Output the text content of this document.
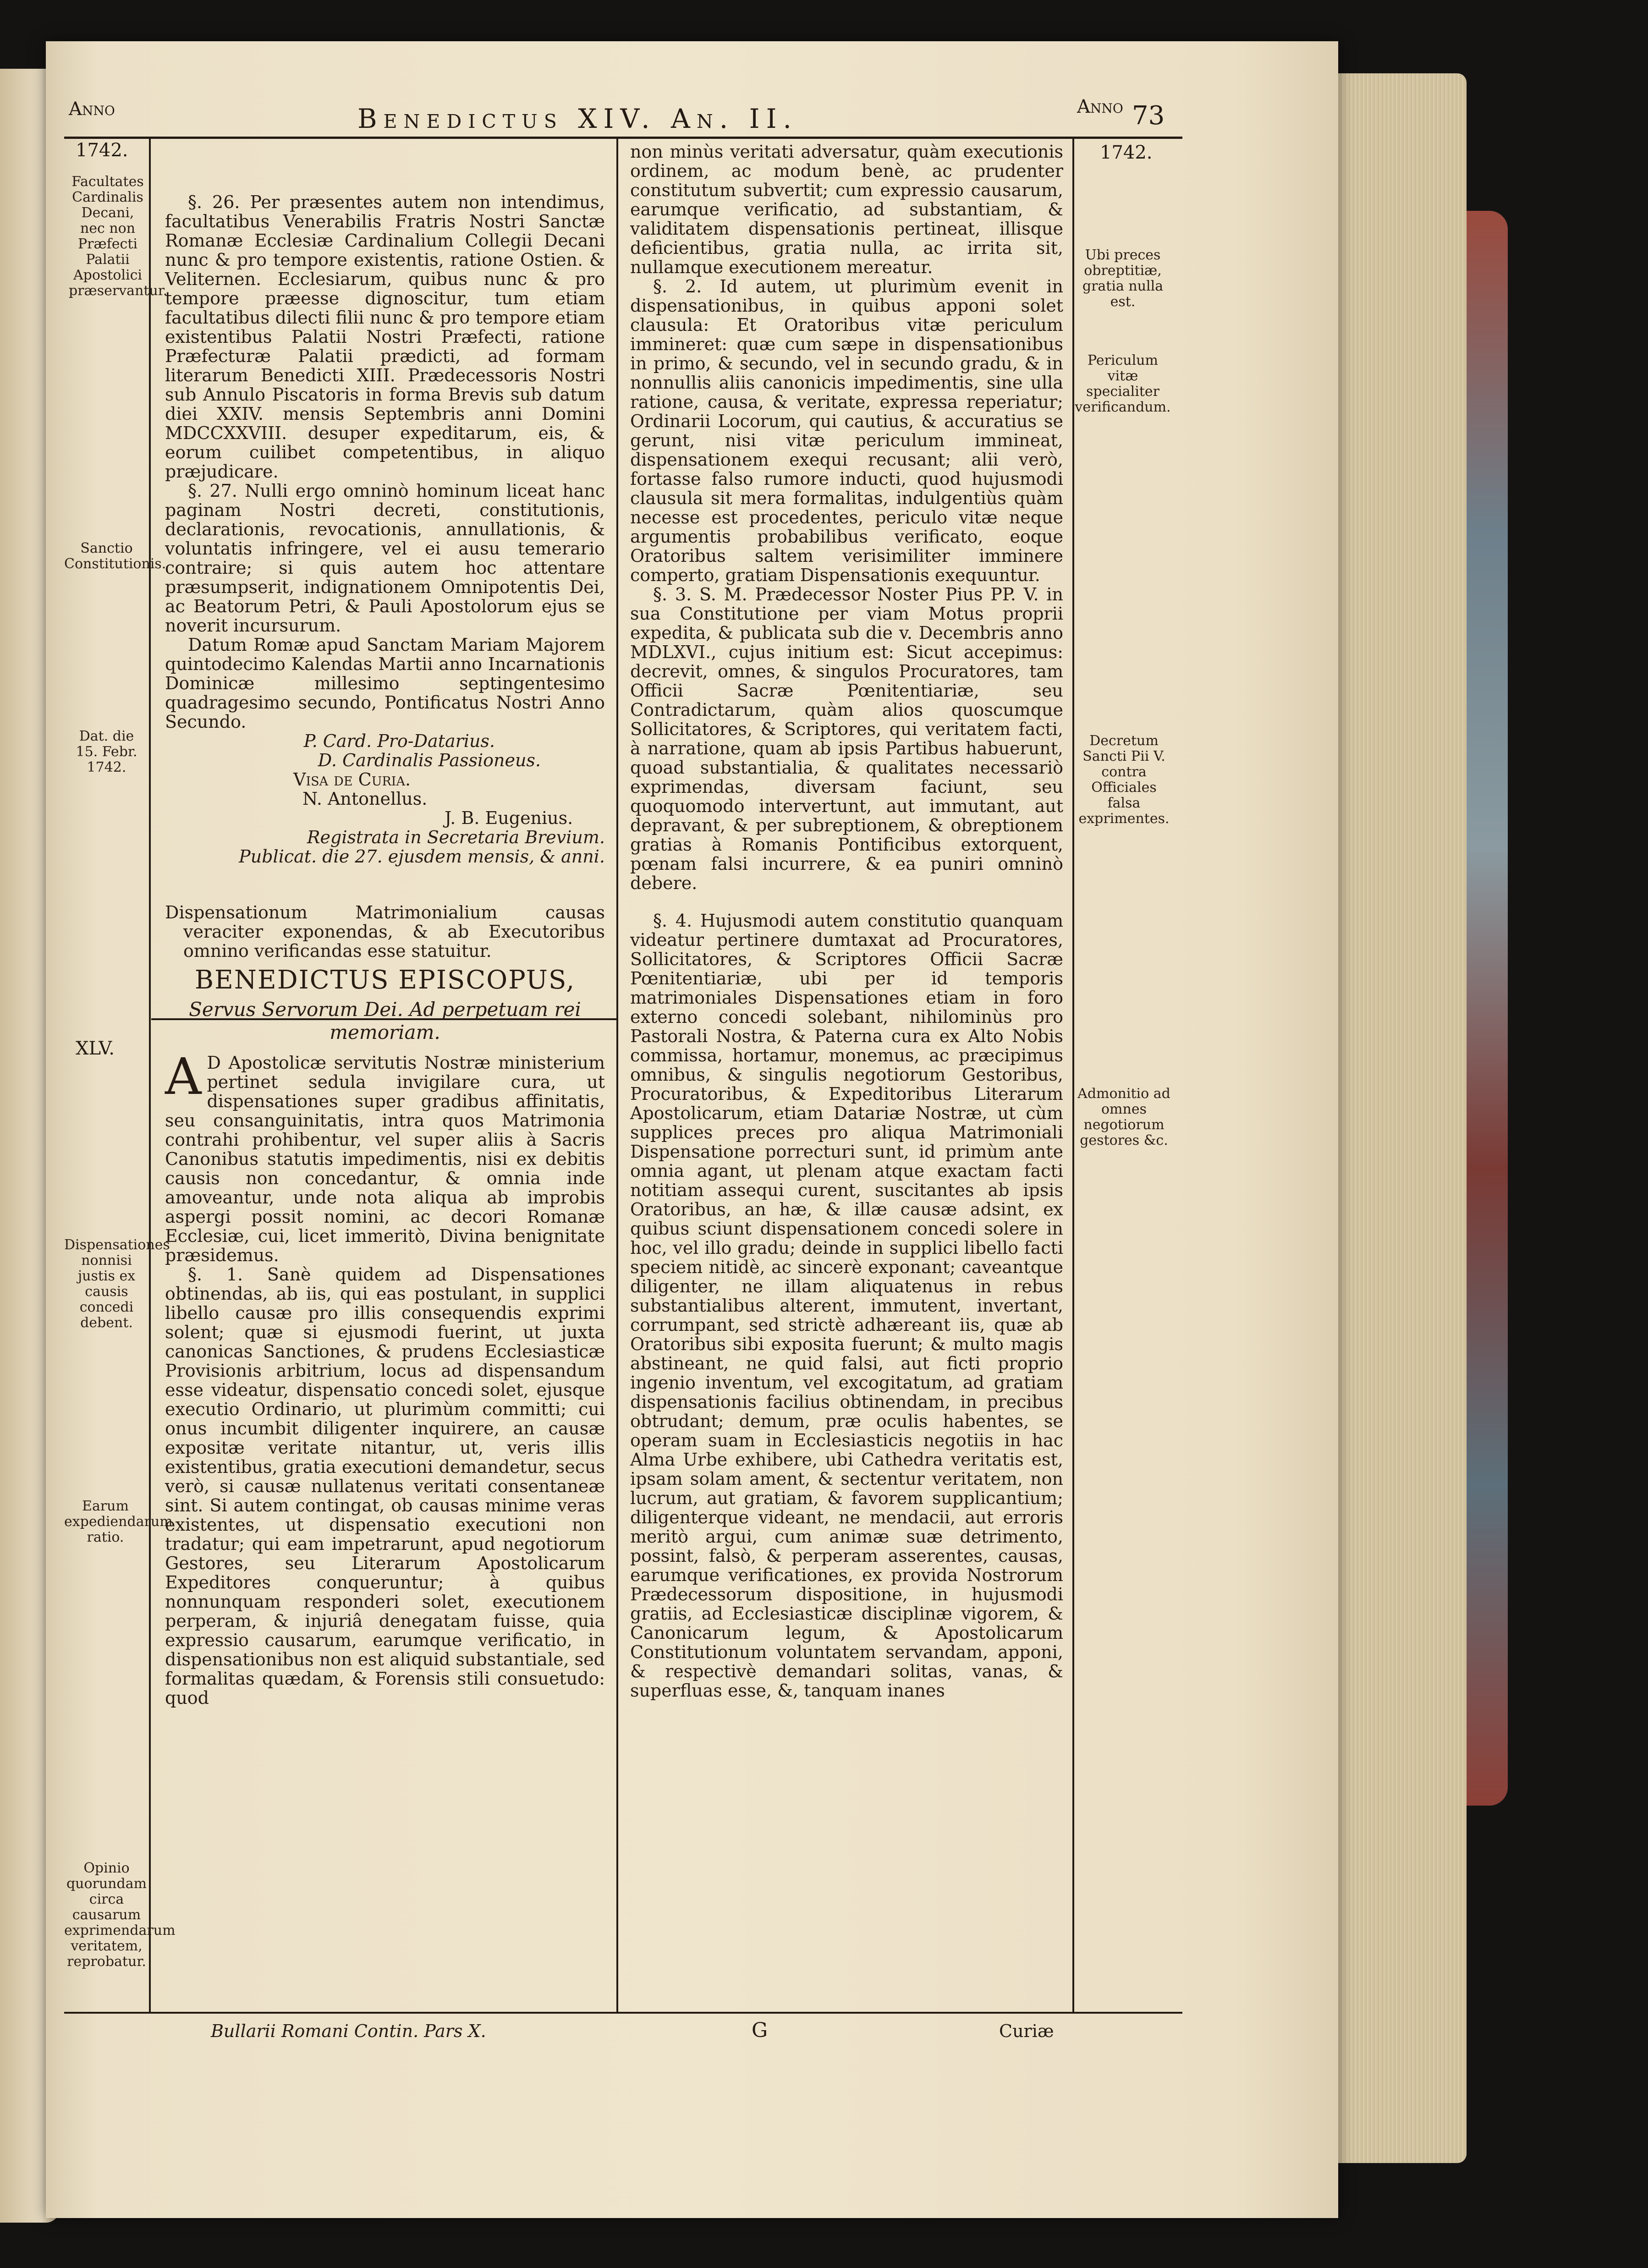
Anno
1742.
Benedictus XIV. An. II.	73
Anno
1742.
Facultates Cardinalis Decani, nec non Præfecti Palatii Apostolici præservantur.
Sanctio Constitutionis.
Dat. die 15. Febr. 1742.
XLV.
Dispensationes nonnisi justis ex causis concedi debent.
Earum expediendarum ratio.
Opinio quorundam circa causarum exprimendarum veritatem, reprobatur.
Ubi preces obreptitiæ, gratia nulla est.
Periculum vitæ specialiter verificandum.
Decretum Sancti Pii V. contra Officiales falsa exprimentes.
Admonitio ad omnes negotiorum gestores &c.

§. 26. Per præsentes autem non intendimus, facultatibus Venerabilis Fratris Nostri Sanctæ Romanæ Ecclesiæ Cardinalium Collegii Decani nunc & pro tempore existentis, ratione Ostien. & Veliternen. Ecclesiarum, quibus nunc & pro tempore præesse dignoscitur, tum etiam facultatibus dilecti filii nunc & pro tempore etiam existentibus Palatii Nostri Præfecti, ratione Præfecturæ Palatii prædicti, ad formam literarum Benedicti XIII. Prædecessoris Nostri sub Annulo Piscatoris in forma Brevis sub datum diei XXIV. mensis Septembris anni Domini MDCCXXVIII. desuper expeditarum, eis, & eorum cuilibet competentibus, in aliquo præjudicare.

§. 27. Nulli ergo omninò hominum liceat hanc paginam Nostri decreti, constitutionis, declarationis, revocationis, annullationis, & voluntatis infringere, vel ei ausu temerario contraire; si quis autem hoc attentare præsumpserit, indignationem Omnipotentis Dei, ac Beatorum Petri, & Pauli Apostolorum ejus se noverit incursurum.

Datum Romæ apud Sanctam Mariam Majorem quintodecimo Kalendas Martii anno Incarnationis Dominicæ millesimo septingentesimo quadragesimo secundo, Pontificatus Nostri Anno Secundo.

P. Card. Pro-Datarius.

D. Cardinalis Passioneus.

Visa de Curia.

N. Antonellus.

J. B. Eugenius.

Registrata in Secretaria Brevium.

Publicat. die 27. ejusdem mensis, & anni.

Dispensationum Matrimonialium causas veraciter exponendas, & ab Executoribus omnino verificandas esse statuitur.

BENEDICTUS EPISCOPUS,
Servus Servorum Dei. Ad perpetuam rei memoriam.

A D Apostolicæ servitutis Nostræ ministerium pertinet sedula invigilare cura, ut dispensationes super gradibus affinitatis, seu consanguinitatis, intra quos Matrimonia contrahi prohibentur, vel super aliis à Sacris Canonibus statutis impedimentis, nisi ex debitis causis non concedantur, & omnia inde amoveantur, unde nota aliqua ab improbis aspergi possit nomini, ac decori Romanæ Ecclesiæ, cui, licet immeritò, Divina benignitate præsidemus.

§. 1. Sanè quidem ad Dispensationes obtinendas, ab iis, qui eas postulant, in supplici libello causæ pro illis consequendis exprimi solent; quæ si ejusmodi fuerint, ut juxta canonicas Sanctiones, & prudens Ecclesiasticæ Provisionis arbitrium, locus ad dispensandum esse videatur, dispensatio concedi solet, ejusque executio Ordinario, ut plurimùm committi; cui onus incumbit diligenter inquirere, an causæ expositæ veritate nitantur, ut, veris illis existentibus, gratia executioni demandetur, secus verò, si causæ nullatenus veritati consentaneæ sint. Si autem contingat, ob causas minime veras existentes, ut dispensatio executioni non tradatur; qui eam impetrarunt, apud negotiorum Gestores, seu Literarum Apostolicarum Expeditores conqueruntur; à quibus nonnunquam responderi solet, executionem perperam, & injuriâ denegatam fuisse, quia expressio causarum, earumque verificatio, in dispensationibus non est aliquid substantiale, sed formalitas quædam, & Forensis stili consuetudo: quod

non minùs veritati adversatur, quàm executionis ordinem, ac modum benè, ac prudenter constitutum subvertit; cum expressio causarum, earumque verificatio, ad substantiam, & validitatem dispensationis pertineat, illisque deficientibus, gratia nulla, ac irrita sit, nullamque executionem mereatur.

§. 2. Id autem, ut plurimùm evenit in dispensationibus, in quibus apponi solet clausula: Et Oratoribus vitæ periculum immineret: quæ cum sæpe in dispensationibus in primo, & secundo, vel in secundo gradu, & in nonnullis aliis canonicis impedimentis, sine ulla ratione, causa, & veritate, expressa reperiatur; Ordinarii Locorum, qui cautius, & accuratius se gerunt, nisi vitæ periculum immineat, dispensationem exequi recusant; alii verò, fortasse falso rumore inducti, quod hujusmodi clausula sit mera formalitas, indulgentiùs quàm necesse est procedentes, periculo vitæ neque argumentis probabilibus verificato, eoque Oratoribus saltem verisimiliter imminere comperto, gratiam Dispensationis exequuntur.

§. 3. S. M. Prædecessor Noster Pius PP. V. in sua Constitutione per viam Motus proprii expedita, & publicata sub die v. Decembris anno MDLXVI., cujus initium est: Sicut accepimus: decrevit, omnes, & singulos Procuratores, tam Officii Sacræ Pœnitentiariæ, seu Contradictarum, quàm alios quoscumque Sollicitatores, & Scriptores, qui veritatem facti, à narratione, quam ab ipsis Partibus habuerunt, quoad substantialia, & qualitates necessariò exprimendas, diversam faciunt, seu quoquomodo intervertunt, aut immutant, aut depravant, & per subreptionem, & obreptionem gratias à Romanis Pontificibus extorquent, pœnam falsi incurrere, & ea puniri omninò debere.

§. 4. Hujusmodi autem constitutio quanquam videatur pertinere dumtaxat ad Procuratores, Sollicitatores, & Scriptores Officii Sacræ Pœnitentiariæ, ubi per id temporis matrimoniales Dispensationes etiam in foro externo concedi solebant, nihilominùs pro Pastorali Nostra, & Paterna cura ex Alto Nobis commissa, hortamur, monemus, ac præcipimus omnibus, & singulis negotiorum Gestoribus, Procuratoribus, & Expeditoribus Literarum Apostolicarum, etiam Datariæ Nostræ, ut cùm supplices preces pro aliqua Matrimoniali Dispensatione porrecturi sunt, id primùm ante omnia agant, ut plenam atque exactam facti notitiam assequi curent, suscitantes ab ipsis Oratoribus, an hæ, & illæ causæ adsint, ex quibus sciunt dispensationem concedi solere in hoc, vel illo gradu; deinde in supplici libello facti speciem nitidè, ac sincerè exponant; caveantque diligenter, ne illam aliquatenus in rebus substantialibus alterent, immutent, invertant, corrumpant, sed strictè adhæreant iis, quæ ab Oratoribus sibi exposita fuerunt; & multo magis abstineant, ne quid falsi, aut ficti proprio ingenio inventum, vel excogitatum, ad gratiam dispensationis facilius obtinendam, in precibus obtrudant; demum, præ oculis habentes, se operam suam in Ecclesiasticis negotiis in hac Alma Urbe exhibere, ubi Cathedra veritatis est, ipsam solam ament, & sectentur veritatem, non lucrum, aut gratiam, & favorem supplicantium; diligenterque videant, ne mendacii, aut erroris meritò argui, cum animæ suæ detrimento, possint, falsò, & perperam asserentes, causas, earumque verificationes, ex provida Nostrorum Prædecessorum dispositione, in hujusmodi gratiis, ad Ecclesiasticæ disciplinæ vigorem, & Canonicarum legum, & Apostolicarum Constitutionum voluntatem servandam, apponi, & respectivè demandari solitas, vanas, & superfluas esse, &, tanquam inanes

Bullarii Romani Contin. Pars X.	G	Curiæ
